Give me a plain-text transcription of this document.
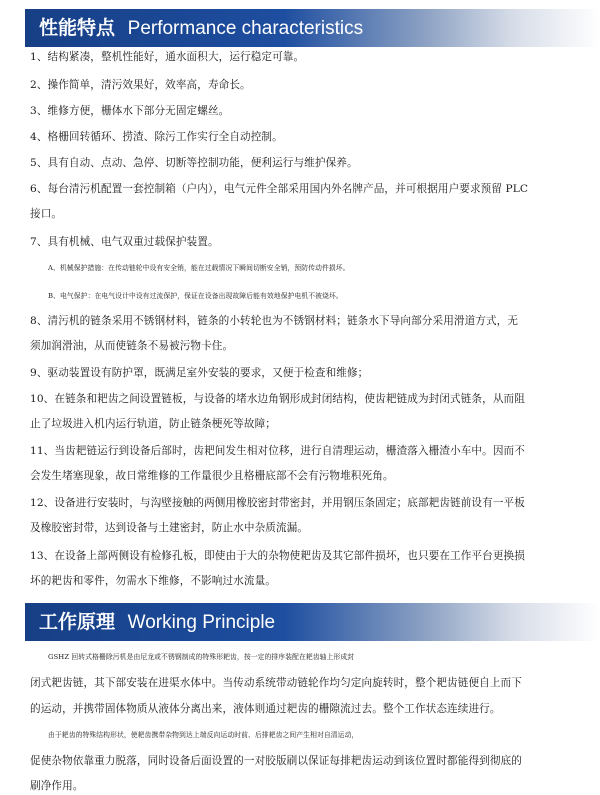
性能特点 Performance characteristics
1、结构紧凑，整机性能好，通水面积大，运行稳定可靠。
2、操作简单，清污效果好，效率高，寿命长。
3、维修方便，栅体水下部分无固定螺丝。
4、格栅回转循环、捞渣、除污工作实行全自动控制。
5、具有自动、点动、急停、切断等控制功能，便利运行与维护保养。
6、每台清污机配置一套控制箱（户内），电气元件全部采用国内外名牌产品，并可根据用户要求预留 PLC
接口。
7、具有机械、电气双重过载保护装置。
A、机械保护措施：在传动链轮中设有安全销，能在过载情况下瞬间切断安全销，预防传动件损坏。
B、电气保护：在电气设计中设有过流保护，保证在设备出现故障后能有效地保护电机不被烧坏。
8、清污机的链条采用不锈钢材料，链条的小转轮也为不锈钢材料；链条水下导向部分采用滑道方式，无
须加润滑油，从而使链条不易被污物卡住。
9、驱动装置设有防护罩，既满足室外安装的要求，又便于检查和维修；
10、在链条和耙齿之间设置链板，与设备的堵水边角钢形成封闭结构，使齿耙链成为封闭式链条，从而阻
止了垃圾进入机内运行轨道，防止链条梗死等故障；
11、当齿耙链运行到设备后部时，齿耙间发生相对位移，进行自清理运动，栅渣落入栅渣小车中。因而不
会发生堵塞现象，故日常维修的工作量很少且格栅底部不会有污物堆积死角。
12、设备进行安装时，与沟壁接触的两侧用橡胶密封带密封，并用钢压条固定；底部耙齿链前设有一平板
及橡胶密封带，达到设备与土建密封，防止水中杂质流漏。
13、在设备上部两侧设有检修孔板，即使由于大的杂物使耙齿及其它部件损坏，也只要在工作平台更换损
坏的耙齿和零件，勿需水下维修，不影响过水流量。
工作原理 Working Principle
GSHZ 回转式格栅除污机是由尼龙或不锈钢制成的特殊形耙齿，按一定的排序装配在耙齿轴上形成封
闭式耙齿链，其下部安装在进渠水体中。当传动系统带动链轮作均匀定向旋转时，整个耙齿链便自上而下
的运动，并携带固体物质从液体分离出来，液体则通过耙齿的栅隙流过去。整个工作状态连续进行。
由于耙齿的特殊结构形状，使耙齿携带杂物到达上端反向运动时前、后排耙齿之间产生相对自清运动，
促使杂物依靠重力脱落，同时设备后面设置的一对胶版刷以保证每排耙齿运动到该位置时都能得到彻底的
刷净作用。
